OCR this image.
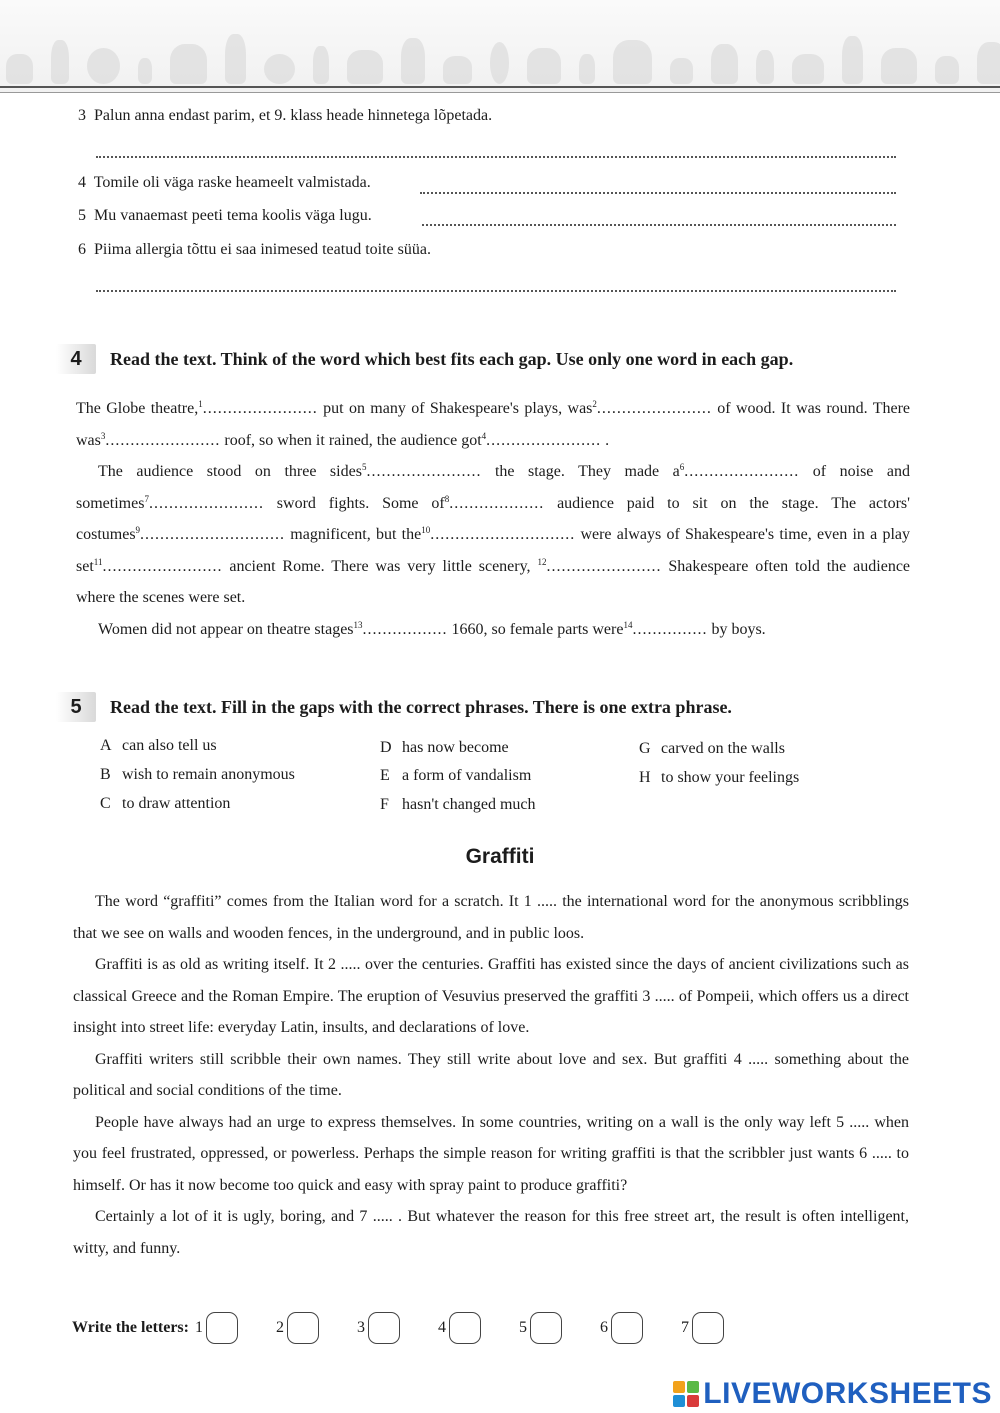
3 Palun anna endast parim, et 9. klass heade hinnetega lõpetada.
4 Tomile oli väga raske heameelt valmistada.
5 Mu vanaemast peeti tema koolis väga lugu.
6 Piima allergia tõttu ei saa inimesed teatud toite süüa.
4	Read the text. Think of the word which best fits each gap. Use only one word in each gap.

The Globe theatre,$^1$....................... put on many of Shakespeare's plays, was$^2$....................... of wood. It was round. There was$^3$....................... roof, so when it rained, the audience got$^4$....................... .

The audience stood on three sides$^5$....................... the stage. They made $a^6$....................... of noise and sometimes$^7$....................... sword fights. Some $of^8$................... audience paid to sit on the stage. The actors' costumes$^9$............................. magnificent, but the$^{10}$............................. were always of Shakespeare's time, even in a play set$^{11}$........................ ancient Rome. There was very little scenery, $^{12}$....................... Shakespeare often told the audience where the scenes were set.

Women did not appear on theatre stages$^{13}$................. 1660, so female parts were$^{14}$............... by boys.

5	Read the text. Fill in the gaps with the correct phrases. There is one extra phrase.
A can also tell us
B wish to remain anonymous
C to draw attention
D has now become
E a form of vandalism
F hasn't changed much
G carved on the walls
H to show your feelings
Graffiti

The word “graffiti” comes from the Italian word for a scratch. It 1 ..... the international word for the anonymous scribblings that we see on walls and wooden fences, in the underground, and in public loos.

Graffiti is as old as writing itself. It 2 ..... over the centuries. Graffiti has existed since the days of ancient civilizations such as classical Greece and the Roman Empire. The eruption of Vesuvius preserved the graffiti 3 ..... of Pompeii, which offers us a direct insight into street life: everyday Latin, insults, and declarations of love.

Graffiti writers still scribble their own names. They still write about love and sex. But graffiti 4 ..... something about the political and social conditions of the time.

People have always had an urge to express themselves. In some countries, writing on a wall is the only way left 5 ..... when you feel frustrated, oppressed, or powerless. Perhaps the simple reason for writing graffiti is that the scribbler just wants 6 ..... to himself. Or has it now become too quick and easy with spray paint to produce graffiti?

Certainly a lot of it is ugly, boring, and 7 ..... . But whatever the reason for this free street art, the result is often intelligent, witty, and funny.

Write the letters: 1	2	3	4	5	6	7
LIVEWORKSHEETS
